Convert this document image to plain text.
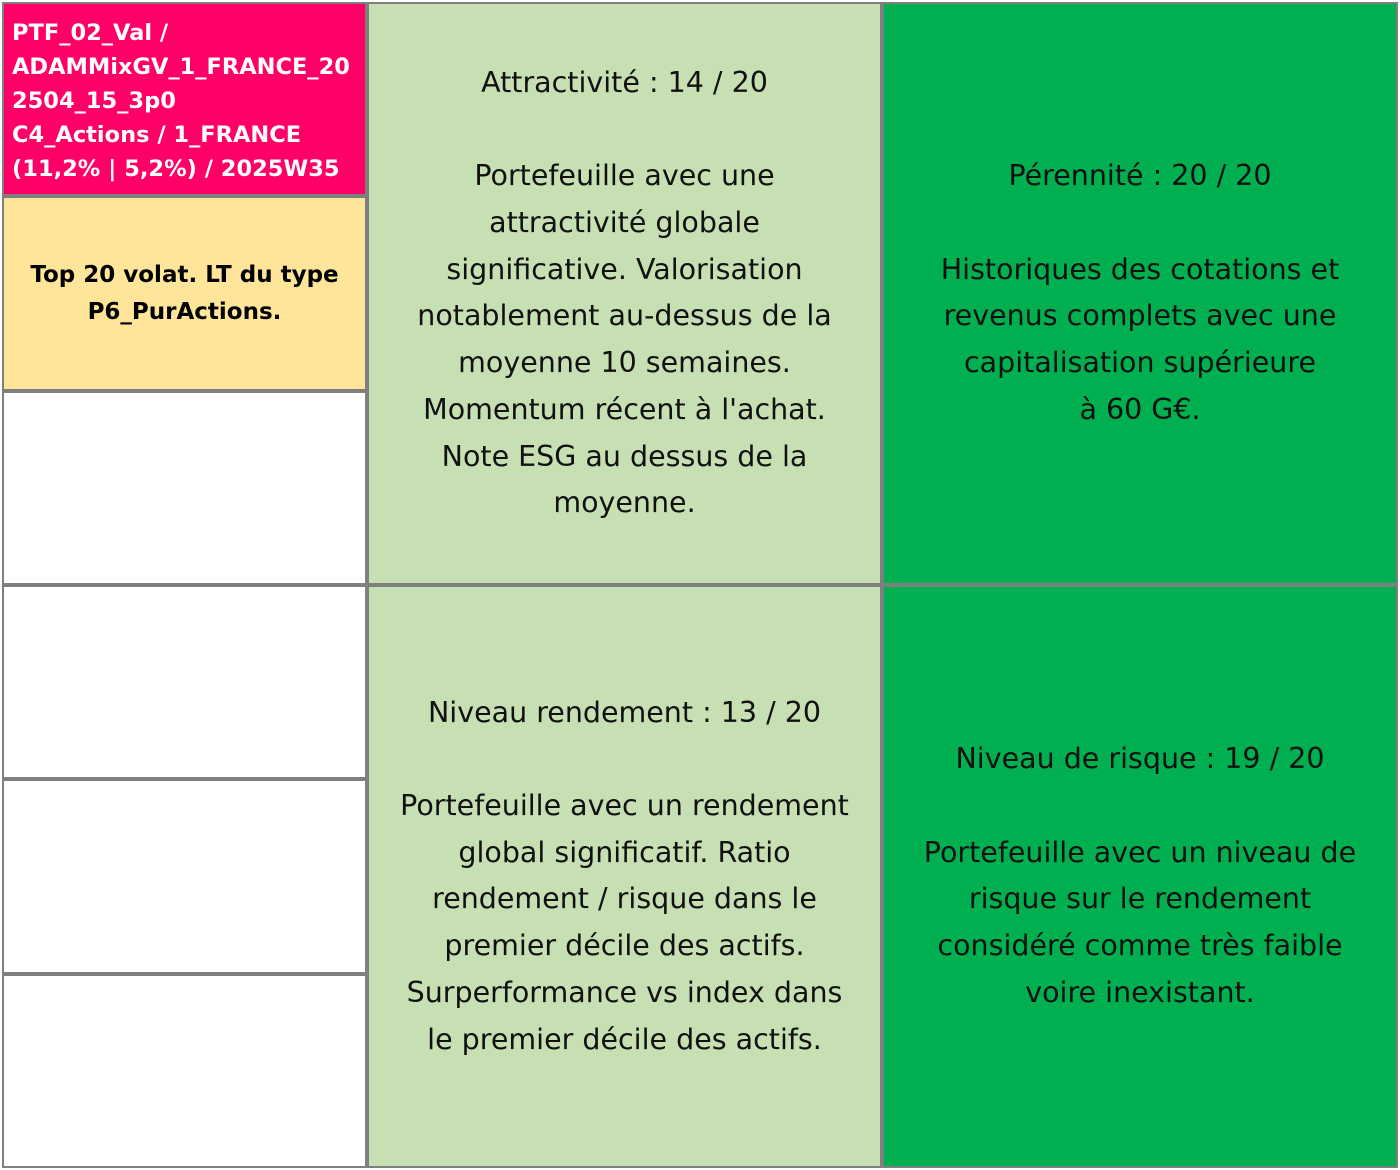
PTF_02_Val /
ADAMMixGV_1_FRANCE_20
2504_15_3p0
C4_Actions / 1_FRANCE
(11,2% | 5,2%) / 2025W35
Top 20 volat. LT du type
P6_PurActions.
Attractivité : 14 / 20
Portefeuille avec une
attractivité globale
significative. Valorisation
notablement au-dessus de la
moyenne 10 semaines.
Momentum récent à l'achat.
Note ESG au dessus de la
moyenne.
Pérennité : 20 / 20
Historiques des cotations et
revenus complets avec une
capitalisation supérieure
à 60 G€.
Niveau rendement : 13 / 20
Portefeuille avec un rendement
global significatif. Ratio
rendement / risque dans le
premier décile des actifs.
Surperformance vs index dans
le premier décile des actifs.
Niveau de risque : 19 / 20
Portefeuille avec un niveau de
risque sur le rendement
considéré comme très faible
voire inexistant.
